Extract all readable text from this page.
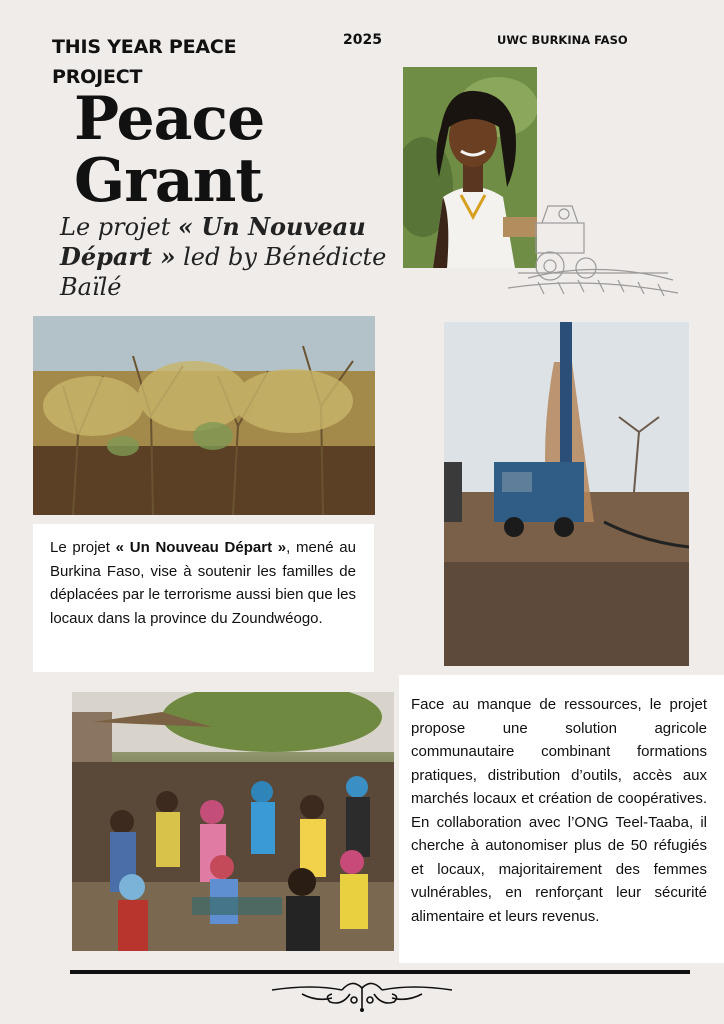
THIS YEAR PEACE PROJECT
2025	UWC BURKINA FASO
Peace
Grant
Le projet « Un Nouveau Départ » led by Bénédicte Baïlé
Le projet « Un Nouveau Départ », mené au Burkina Faso, vise à soutenir les familles de déplacées par le terrorisme aussi bien que les locaux dans la province du Zoundwéogo.
Face au manque de ressources, le projet propose une solution agricole communautaire combinant formations pratiques, distribution d’outils, accès aux marchés locaux et création de coopératives. En collaboration avec l’ONG Teel-Taaba, il cherche à autonomiser plus de 50 réfugiés et locaux, majoritairement des femmes vulnérables, en renforçant leur sécurité alimentaire et leurs revenus.
